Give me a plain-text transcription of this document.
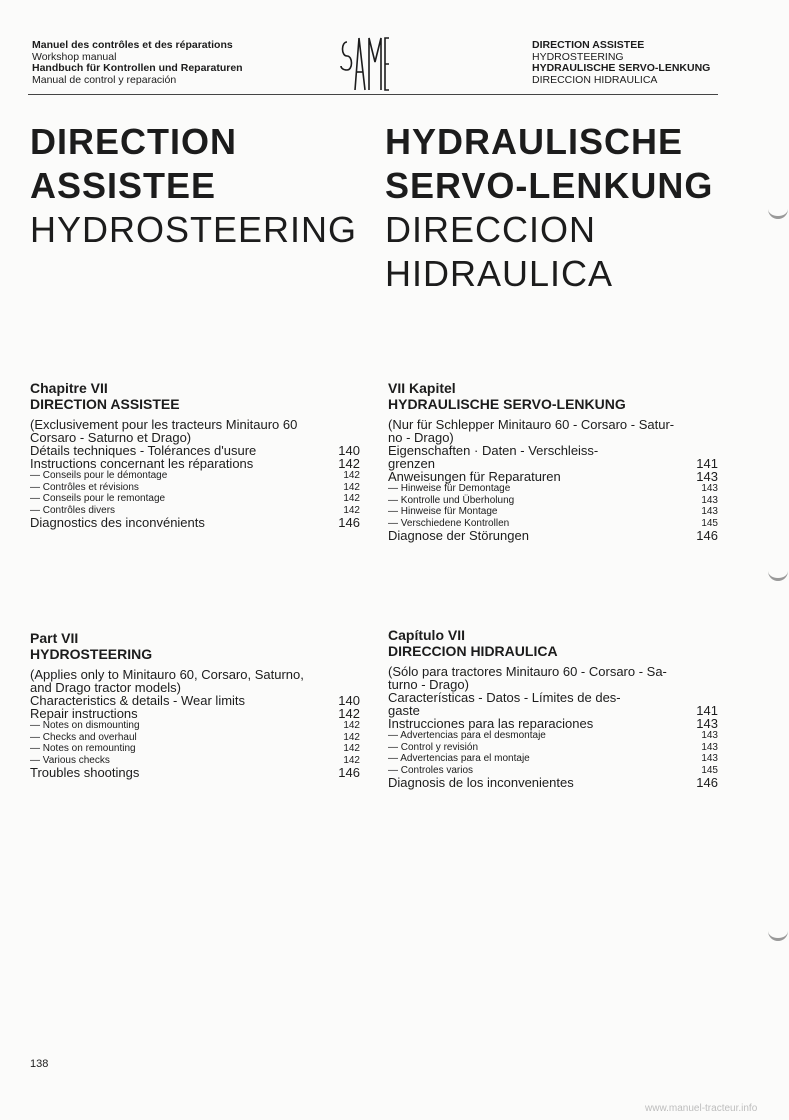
Manuel des contrôles et des réparations
Workshop manual
Handbuch für Kontrollen und Reparaturen
Manual de control y reparación
DIRECTION ASSISTEE
HYDROSTEERING
HYDRAULISCHE SERVO-LENKUNG
DIRECCION HIDRAULICA
DIRECTION
ASSISTEE
HYDROSTEERING
HYDRAULISCHE
SERVO-LENKUNG
DIRECCION
HIDRAULICA
Chapitre VII
DIRECTION ASSISTEE
(Exclusivement pour les tracteurs Minitauro 60
Corsaro - Saturno et Drago)
Détails techniques - Tolérances d'usure	140
Instructions concernant les réparations	142
— Conseils pour le démontage	142
— Contrôles et révisions	142
— Conseils pour le remontage	142
— Contrôles divers	142
Diagnostics des inconvénients	146
VII Kapitel
HYDRAULISCHE SERVO-LENKUNG
(Nur für Schlepper Minitauro 60 - Corsaro - Satur-
no - Drago)
Eigenschaften · Daten - Verschleiss-
grenzen	141
Anweisungen für Reparaturen	143
— Hinweise für Demontage	143
— Kontrolle und Überholung	143
— Hinweise für Montage	143
— Verschiedene Kontrollen	145
Diagnose der Störungen	146
Part VII
HYDROSTEERING
(Applies only to Minitauro 60, Corsaro, Saturno,
and Drago tractor models)
Characteristics & details - Wear limits	140
Repair instructions	142
— Notes on dismounting	142
— Checks and overhaul	142
— Notes on remounting	142
— Various checks	142
Troubles shootings	146
Capítulo VII
DIRECCION HIDRAULICA
(Sólo para tractores Minitauro 60 - Corsaro - Sa-
turno - Drago)
Características - Datos - Límites de des-
gaste	141
Instrucciones para las reparaciones	143
— Advertencias para el desmontaje	143
— Control y revisión	143
— Advertencias para el montaje	143
— Controles varios	145
Diagnosis de los inconvenientes	146
138
www.manuel-tracteur.info
